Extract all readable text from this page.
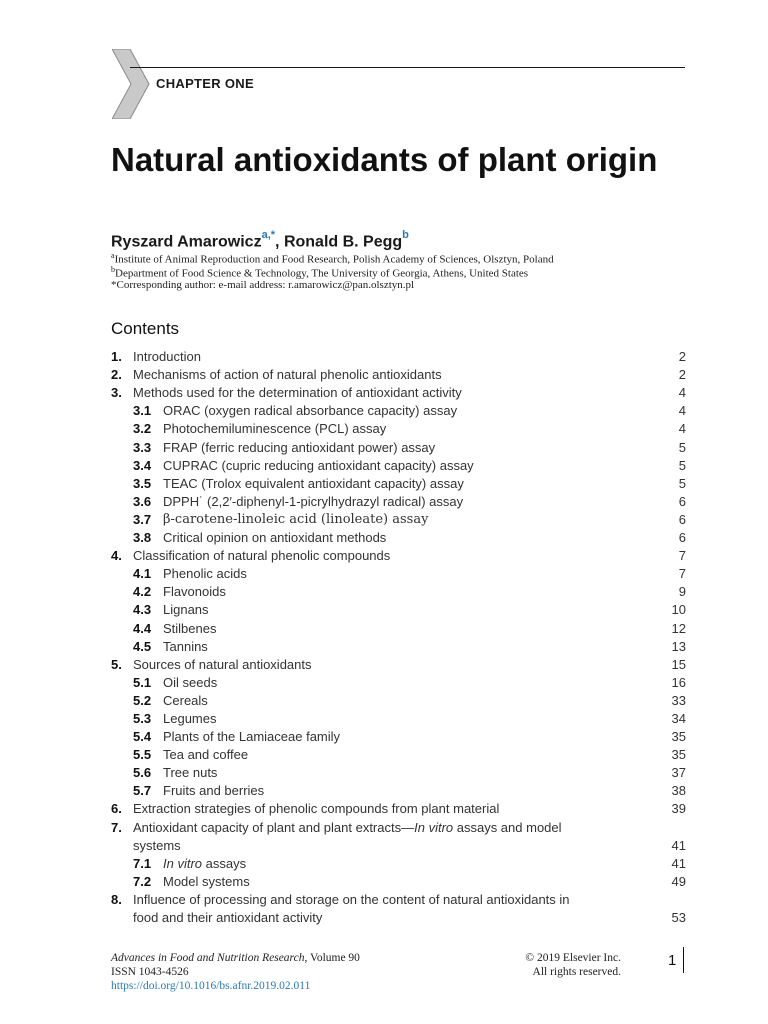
CHAPTER ONE
Natural antioxidants of plant origin
Ryszard Amarowicz$^{a,*}$, Ronald B. Pegg$^b$
$^a$Institute of Animal Reproduction and Food Research, Polish Academy of Sciences, Olsztyn, Poland
$^b$Department of Food Science & Technology, The University of Georgia, Athens, United States
*Corresponding author: e-mail address: r.amarowicz@pan.olsztyn.pl
Contents
1. Introduction	2
2. Mechanisms of action of natural phenolic antioxidants	2
3. Methods used for the determination of antioxidant activity	4
3.1 ORAC (oxygen radical absorbance capacity) assay	4
3.2 Photochemiluminescence (PCL) assay	4
3.3 FRAP (ferric reducing antioxidant power) assay	5
3.4 CUPRAC (cupric reducing antioxidant capacity) assay	5
3.5 TEAC (Trolox equivalent antioxidant capacity) assay	5
3.6 DPPH˙ (2,2′-diphenyl-1-picrylhydrazyl radical) assay	6
3.7 β-carotene-linoleic acid (linoleate) assay	6
3.8 Critical opinion on antioxidant methods	6
4. Classification of natural phenolic compounds	7
4.1 Phenolic acids	7
4.2 Flavonoids	9
4.3 Lignans	10
4.4 Stilbenes	12
4.5 Tannins	13
5. Sources of natural antioxidants	15
5.1 Oil seeds	16
5.2 Cereals	33
5.3 Legumes	34
5.4 Plants of the Lamiaceae family	35
5.5 Tea and coffee	35
5.6 Tree nuts	37
5.7 Fruits and berries	38
6. Extraction strategies of phenolic compounds from plant material	39
7. Antioxidant capacity of plant and plant extracts—In vitro assays and model
systems	41
7.1 In vitro assays	41
7.2 Model systems	49
8. Influence of processing and storage on the content of natural antioxidants in
food and their antioxidant activity	53
Advances in Food and Nutrition Research, Volume 90
ISSN 1043-4526
https://doi.org/10.1016/bs.afnr.2019.02.011
© 2019 Elsevier Inc.
All rights reserved.
1
